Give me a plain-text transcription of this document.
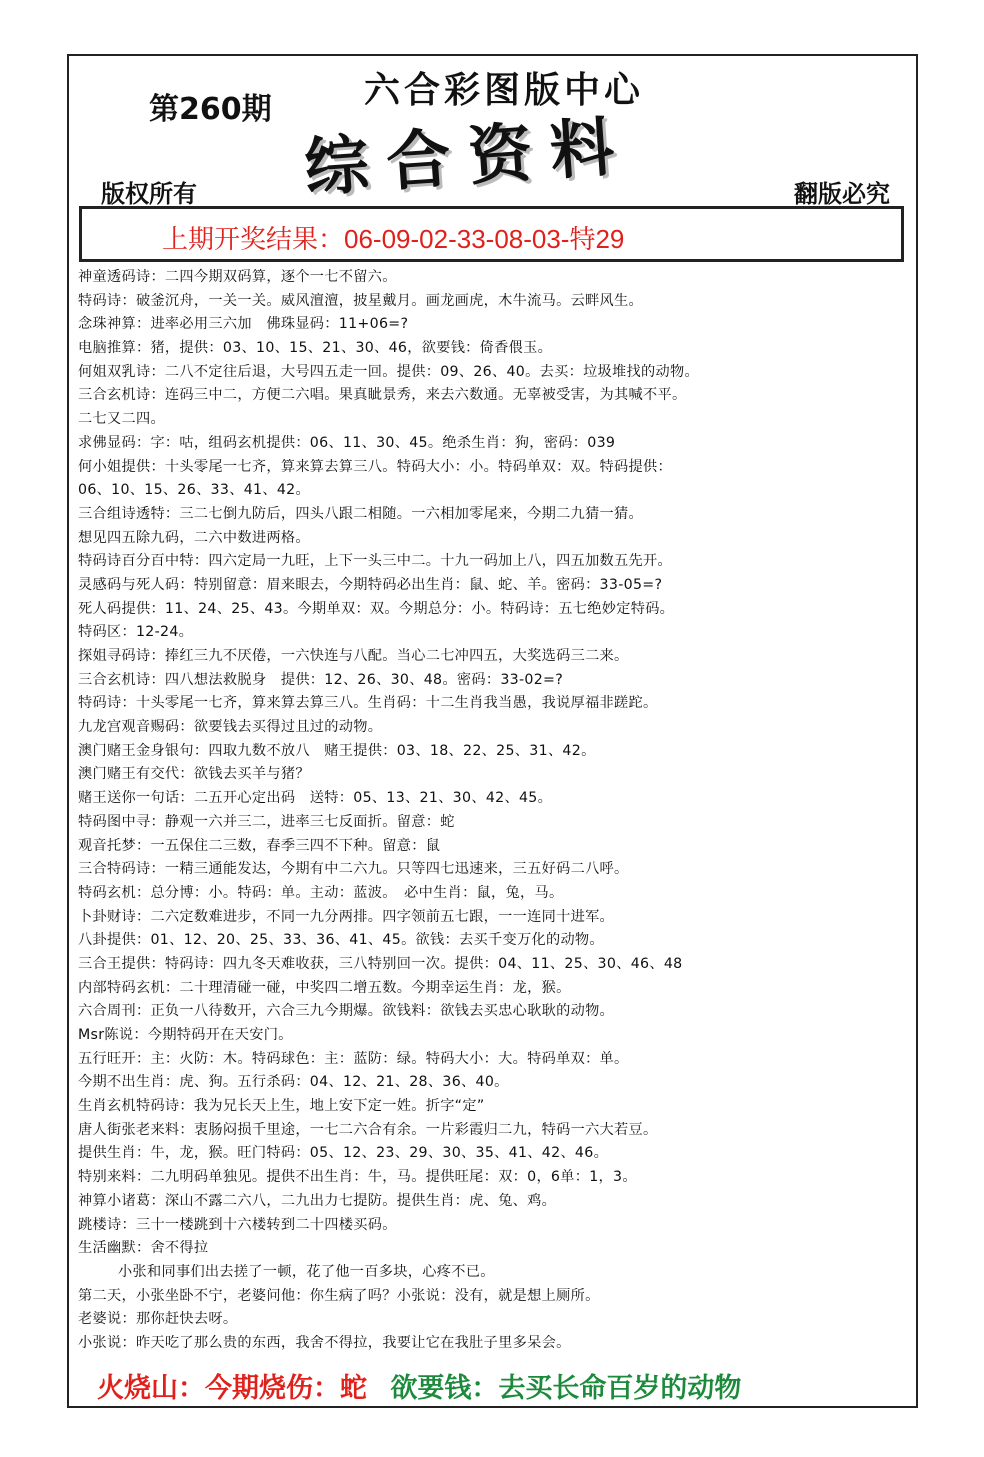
第260期	六合彩图版中心
综合资料
版权所有	翻版必究
上期开奖结果：06-09-02-33-08-03-特29
神童透码诗：二四今期双码算，逐个一七不留六。
特码诗：破釜沉舟，一关一关。威风澶澶，披星戴月。画龙画虎，木牛流马。云畔风生。
念珠神算：进率必用三六加　佛珠显码：11+06=?
电脑推算：猪，提供：03、10、15、21、30、46，欲要钱：倚香偎玉。
何姐双乳诗：二八不定往后退，大号四五走一回。提供：09、26、40。去买：垃圾堆找的动物。
三合玄机诗：连码三中二，方便二六唱。果真眦景秀，来去六数通。无辜被受害，为其喊不平。
二七又二四。
求佛显码：字：咕，组码玄机提供：06、11、30、45。绝杀生肖：狗，密码：039
何小姐提供：十头零尾一七齐，算来算去算三八。特码大小：小。特码单双：双。特码提供：
06、10、15、26、33、41、42。
三合组诗透特：三二七倒九防后，四头八跟二相随。一六相加零尾来，今期二九猜一猜。
想见四五除九码，二六中数进两格。
特码诗百分百中特：四六定局一九旺，上下一头三中二。十九一码加上八，四五加数五先开。
灵感码与死人码：特别留意：眉来眼去，今期特码必出生肖：鼠、蛇、羊。密码：33-05=?
死人码提供：11、24、25、43。今期单双：双。今期总分：小。特码诗：五七绝妙定特码。
特码区：12-24。
探姐寻码诗：捧红三九不厌倦，一六快连与八配。当心二七冲四五，大奖选码三二来。
三合玄机诗：四八想法救脱身　提供：12、26、30、48。密码：33-02=?
特码诗：十头零尾一七齐，算来算去算三八。生肖码：十二生肖我当愚，我说厚福非蹉跎。
九龙宫观音赐码：欲要钱去买得过且过的动物。
澳门赌王金身银句：四取九数不放八　赌王提供：03、18、22、25、31、42。
澳门赌王有交代：欲钱去买羊与猪？
赌王送你一句话：二五开心定出码　送特：05、13、21、30、42、45。
特码图中寻：静观一六并三二，进率三七反面折。留意：蛇
观音托梦：一五保住二三数，春季三四不下种。留意：鼠
三合特码诗：一精三通能发达，今期有中二六九。只等四七迅速来，三五好码二八呼。
特码玄机：总分博：小。特码：单。主动：蓝波。　必中生肖：鼠，兔，马。
卜卦财诗：二六定数难进步，不同一九分两排。四字领前五七跟，一一连同十进军。
八卦提供：01、12、20、25、33、36、41、45。欲钱：去买千变万化的动物。
三合王提供：特码诗：四九冬天难收获，三八特别回一次。提供：04、11、25、30、46、48
内部特码玄机：二十理清碰一碰，中奖四二增五数。今期幸运生肖：龙，猴。
六合周刊：正负一八待数开，六合三九今期爆。欲钱料：欲钱去买忠心耿耿的动物。
Msr陈说：今期特码开在天安门。
五行旺开：主：火防：木。特码球色：主：蓝防：绿。特码大小：大。特码单双：单。
今期不出生肖：虎、狗。五行杀码：04、12、21、28、36、40。
生肖玄机特码诗：我为兄长天上生，地上安下定一姓。折字“定”
唐人街张老来料：衷肠闷损千里途，一七二六合有余。一片彩霞归二九，特码一六大若豆。
提供生肖：牛，龙，猴。旺门特码：05、12、23、29、30、35、41、42、46。
特别来料：二九明码单独见。提供不出生肖：牛，马。提供旺尾：双：0，6单：1，3。
神算小诸葛：深山不露二六八，二九出力七提防。提供生肖：虎、兔、鸡。
跳楼诗：三十一楼跳到十六楼转到二十四楼买码。
生活幽默：舍不得拉
小张和同事们出去搓了一顿，花了他一百多块，心疼不已。
第二天，小张坐卧不宁，老婆问他：你生病了吗？小张说：没有，就是想上厕所。
老婆说：那你赶快去呀。
小张说：昨天吃了那么贵的东西，我舍不得拉，我要让它在我肚子里多呆会。
火烧山：今期烧伤：蛇 欲要钱：去买长命百岁的动物
